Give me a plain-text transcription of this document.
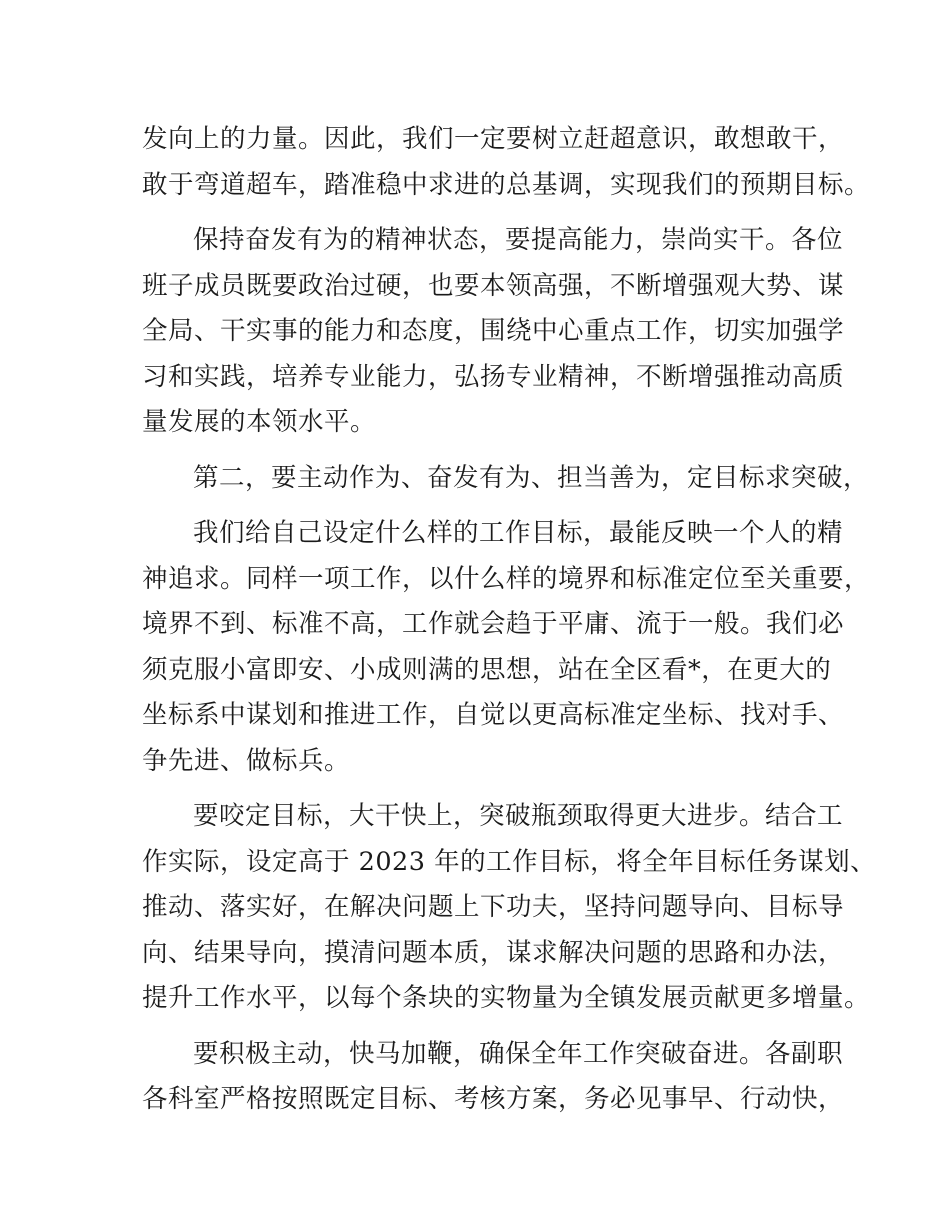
发向上的力量。因此，我们一定要树立赶超意识，敢想敢干，
敢于弯道超车，踏准稳中求进的总基调，实现我们的预期目标。

保持奋发有为的精神状态，要提高能力，崇尚实干。各位
班子成员既要政治过硬，也要本领高强，不断增强观大势、谋
全局、干实事的能力和态度，围绕中心重点工作，切实加强学
习和实践，培养专业能力，弘扬专业精神，不断增强推动高质
量发展的本领水平。

第二，要主动作为、奋发有为、担当善为，定目标求突破，

我们给自己设定什么样的工作目标，最能反映一个人的精
神追求。同样一项工作，以什么样的境界和标准定位至关重要，
境界不到、标准不高，工作就会趋于平庸、流于一般。我们必
须克服小富即安、小成则满的思想，站在全区看*，在更大的
坐标系中谋划和推进工作，自觉以更高标准定坐标、找对手、
争先进、做标兵。

要咬定目标，大干快上，突破瓶颈取得更大进步。结合工
作实际，设定高于 2023 年的工作目标，将全年目标任务谋划、
推动、落实好，在解决问题上下功夫，坚持问题导向、目标导
向、结果导向，摸清问题本质，谋求解决问题的思路和办法，
提升工作水平，以每个条块的实物量为全镇发展贡献更多增量。

要积极主动，快马加鞭，确保全年工作突破奋进。各副职
各科室严格按照既定目标、考核方案，务必见事早、行动快，
